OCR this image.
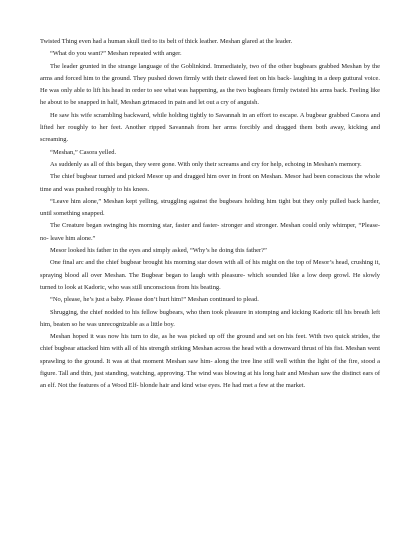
Twisted Thing even had a human skull tied to its belt of thick leather. Meshan glared at the leader.

“What do you want?” Meshan repeated with anger.

The leader grunted in the strange language of the Goblinkind. Immediately, two of the other bugbears grabbed Meshan by the arms and forced him to the ground. They pushed down firmly with their clawed feet on his back- laughing in a deep guttural voice. He was only able to lift his head in order to see what was happening, as the two bugbears firmly twisted his arms back. Feeling like he about to be snapped in half, Meshan grimaced in pain and let out a cry of anguish.

He saw his wife scrambling backward, while holding tightly to Savannah in an effort to escape. A bugbear grabbed Casora and lifted her roughly to her feet. Another ripped Savannah from her arms forcibly and dragged them both away, kicking and screaming.

“Meshan,” Casora yelled.

As suddenly as all of this began, they were gone. With only their screams and cry for help, echoing in Meshan's memory.

The chief bugbear turned and picked Mesor up and dragged him over in front on Meshan. Mesor had been conscious the whole time and was pushed roughly to his knees.

“Leave him alone,” Meshan kept yelling, struggling against the bugbears holding him tight but they only pulled back harder, until something snapped.

The Creature began swinging his morning star, faster and faster- stronger and stronger. Meshan could only whimper, “Please- no- leave him alone.”

Mesor looked his father in the eyes and simply asked, “Why’s he doing this father?”

One final arc and the chief bugbear brought his morning star down with all of his might on the top of Mesor’s head, crushing it, spraying blood all over Meshan. The Bugbear began to laugh with pleasure- which sounded like a low deep growl. He slowly turned to look at Kadoric, who was still unconscious from his beating.

“No, please, he’s just a baby. Please don’t hurt him!” Meshan continued to plead.

Shrugging, the chief nodded to his fellow bugbears, who then took pleasure in stomping and kicking Kadoric till his breath left him, beaten so he was unrecognizable as a little boy.

Meshan hoped it was now his turn to die, as he was picked up off the ground and set on his feet. With two quick strides, the chief bugbear attacked him with all of his strength striking Meshan across the head with a downward thrust of his fist. Meshan went sprawling to the ground. It was at that moment Meshan saw him- along the tree line still well within the light of the fire, stood a figure. Tall and thin, just standing, watching, approving. The wind was blowing at his long hair and Meshan saw the distinct ears of an elf. Not the features of a Wood Elf- blonde hair and kind wise eyes. He had met a few at the market.
